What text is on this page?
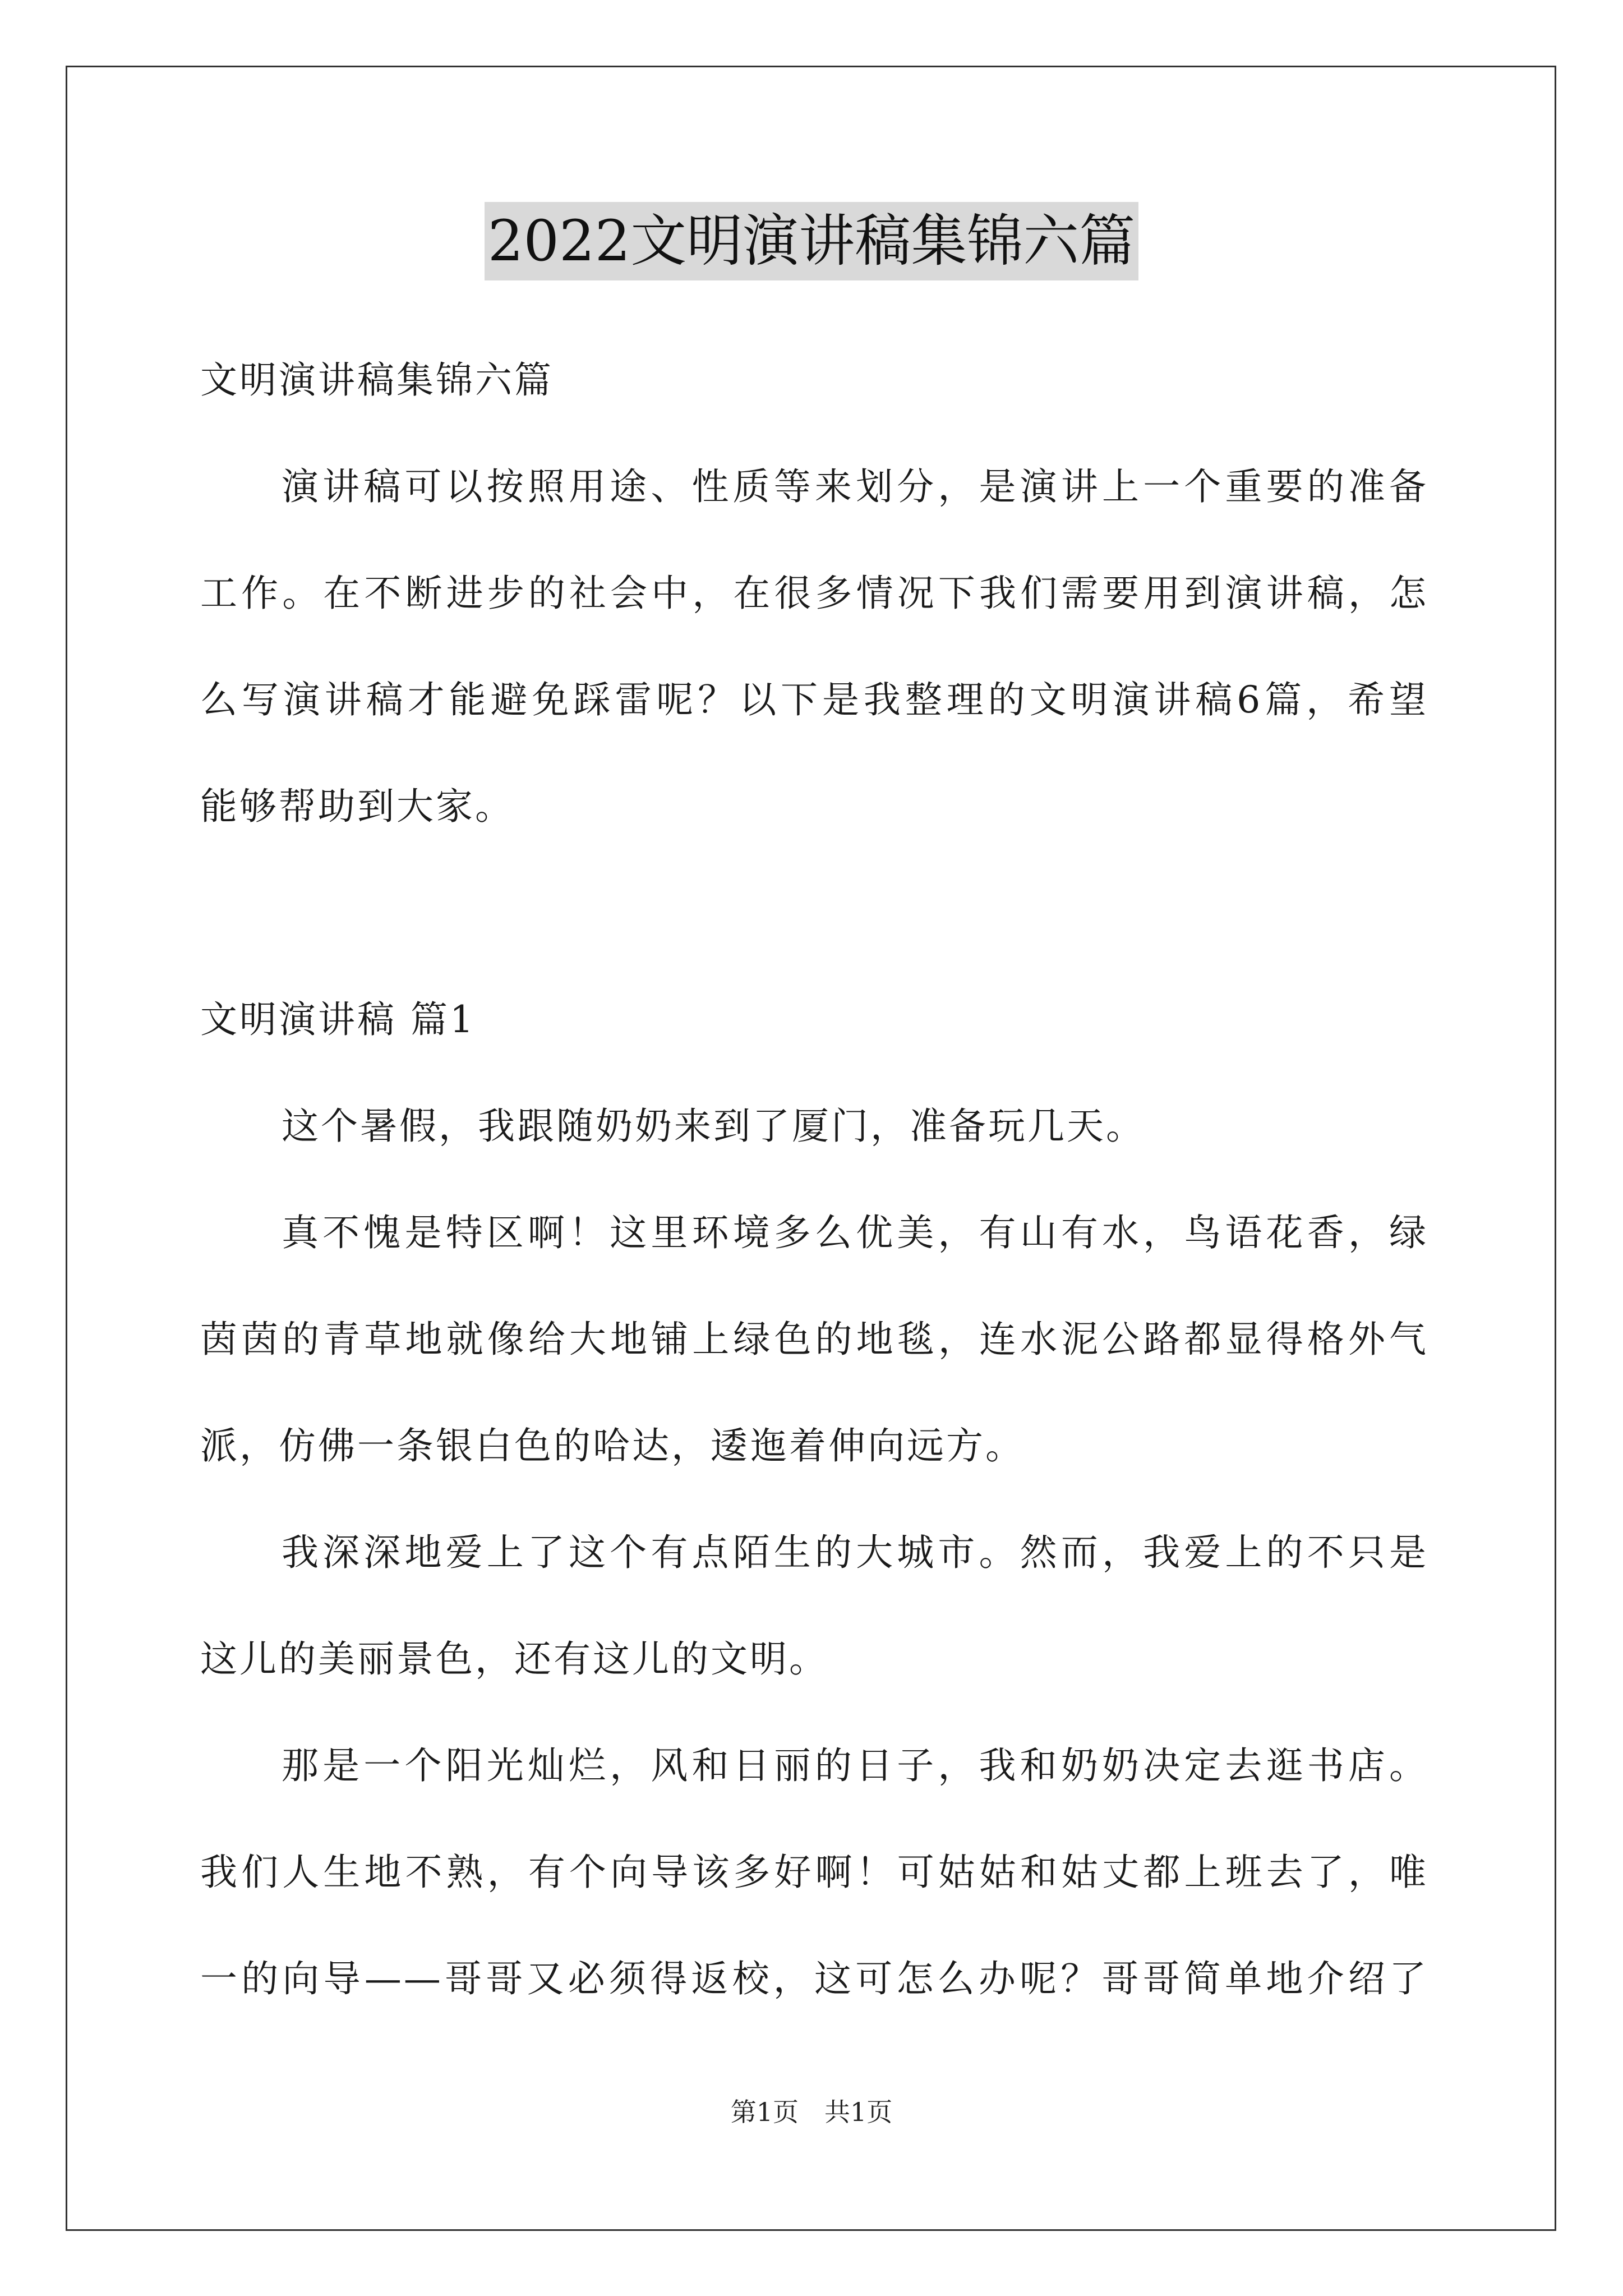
2022文明演讲稿集锦六篇
文明演讲稿集锦六篇
演讲稿可以按照用途、性质等来划分，是演讲上一个重要的准备
工作。在不断进步的社会中，在很多情况下我们需要用到演讲稿，怎
么写演讲稿才能避免踩雷呢？以下是我整理的文明演讲稿6篇，希望
能够帮助到大家。
文明演讲稿 篇1
这个暑假，我跟随奶奶来到了厦门，准备玩几天。
真不愧是特区啊！这里环境多么优美，有山有水，鸟语花香，绿
茵茵的青草地就像给大地铺上绿色的地毯，连水泥公路都显得格外气
派，仿佛一条银白色的哈达，逶迤着伸向远方。
我深深地爱上了这个有点陌生的大城市。然而，我爱上的不只是
这儿的美丽景色，还有这儿的文明。
那是一个阳光灿烂，风和日丽的日子，我和奶奶决定去逛书店。
我们人生地不熟，有个向导该多好啊！可姑姑和姑丈都上班去了，唯
一的向导——哥哥又必须得返校，这可怎么办呢？哥哥简单地介绍了
第1页　共1页
